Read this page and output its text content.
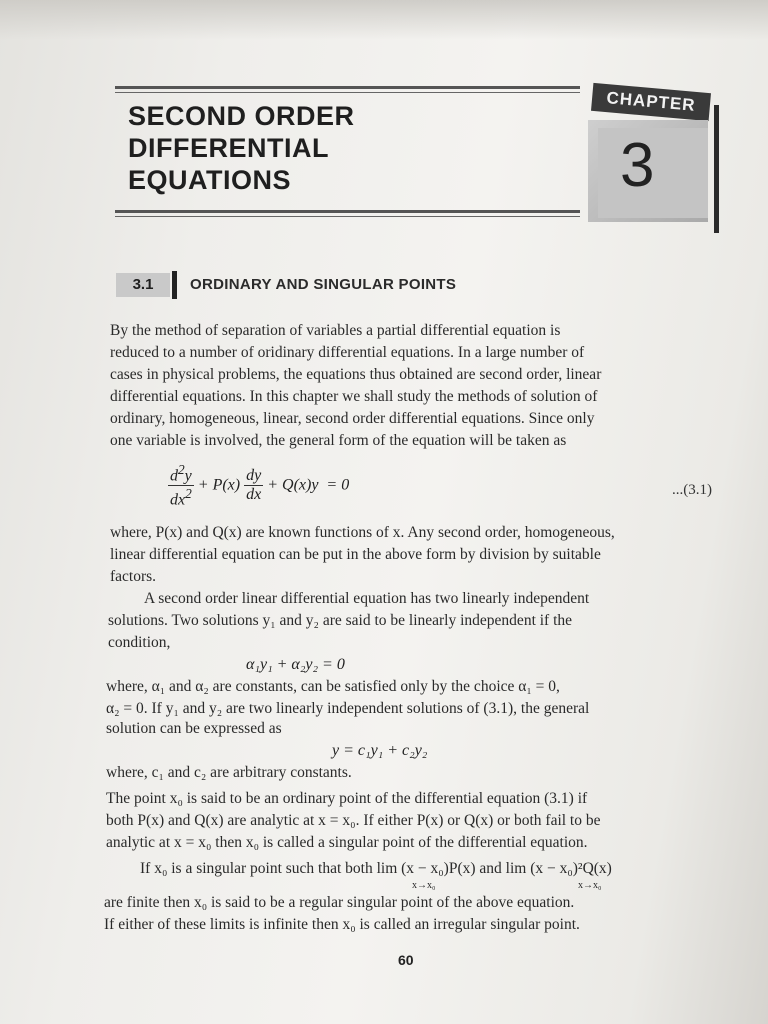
SECOND ORDER
DIFFERENTIAL
EQUATIONS
CHAPTER
3
3.1	ORDINARY AND SINGULAR POINTS
By the method of separation of variables a partial differential equation is
reduced to a number of oridinary differential equations. In a large number of
cases in physical problems, the equations thus obtained are second order, linear
differential equations. In this chapter we shall study the methods of solution of
ordinary, homogeneous, linear, second order differential equations. Since only
one variable is involved, the general form of the equation will be taken as
$\frac{d^2y}{dx^2} + P(x) \frac{dy}{dx} + Q(x)y = 0$	...(3.1)
where, P(x) and Q(x) are known functions of x. Any second order, homogeneous,
linear differential equation can be put in the above form by division by suitable
factors.
A second order linear differential equation has two linearly independent
solutions. Two solutions y₁ and y₂ are said to be linearly independent if the
condition,
α₁y₁ + α₂y₂ = 0
where, α₁ and α₂ are constants, can be satisfied only by the choice α₁ = 0,
α₂ = 0. If y₁ and y₂ are two linearly independent solutions of (3.1), the general
solution can be expressed as
y = c₁y₁ + c₂y₂
where, c₁ and c₂ are arbitrary constants.
The point x₀ is said to be an ordinary point of the differential equation (3.1) if
both P(x) and Q(x) are analytic at x = x₀. If either P(x) or Q(x) or both fail to be
analytic at x = x₀ then x₀ is called a singular point of the differential equation.
If x₀ is a singular point such that both lim (x − x₀)P(x) and lim (x − x₀)²Q(x)
x→x₀	x→x₀
are finite then x₀ is said to be a regular singular point of the above equation.
If either of these limits is infinite then x₀ is called an irregular singular point.
60
